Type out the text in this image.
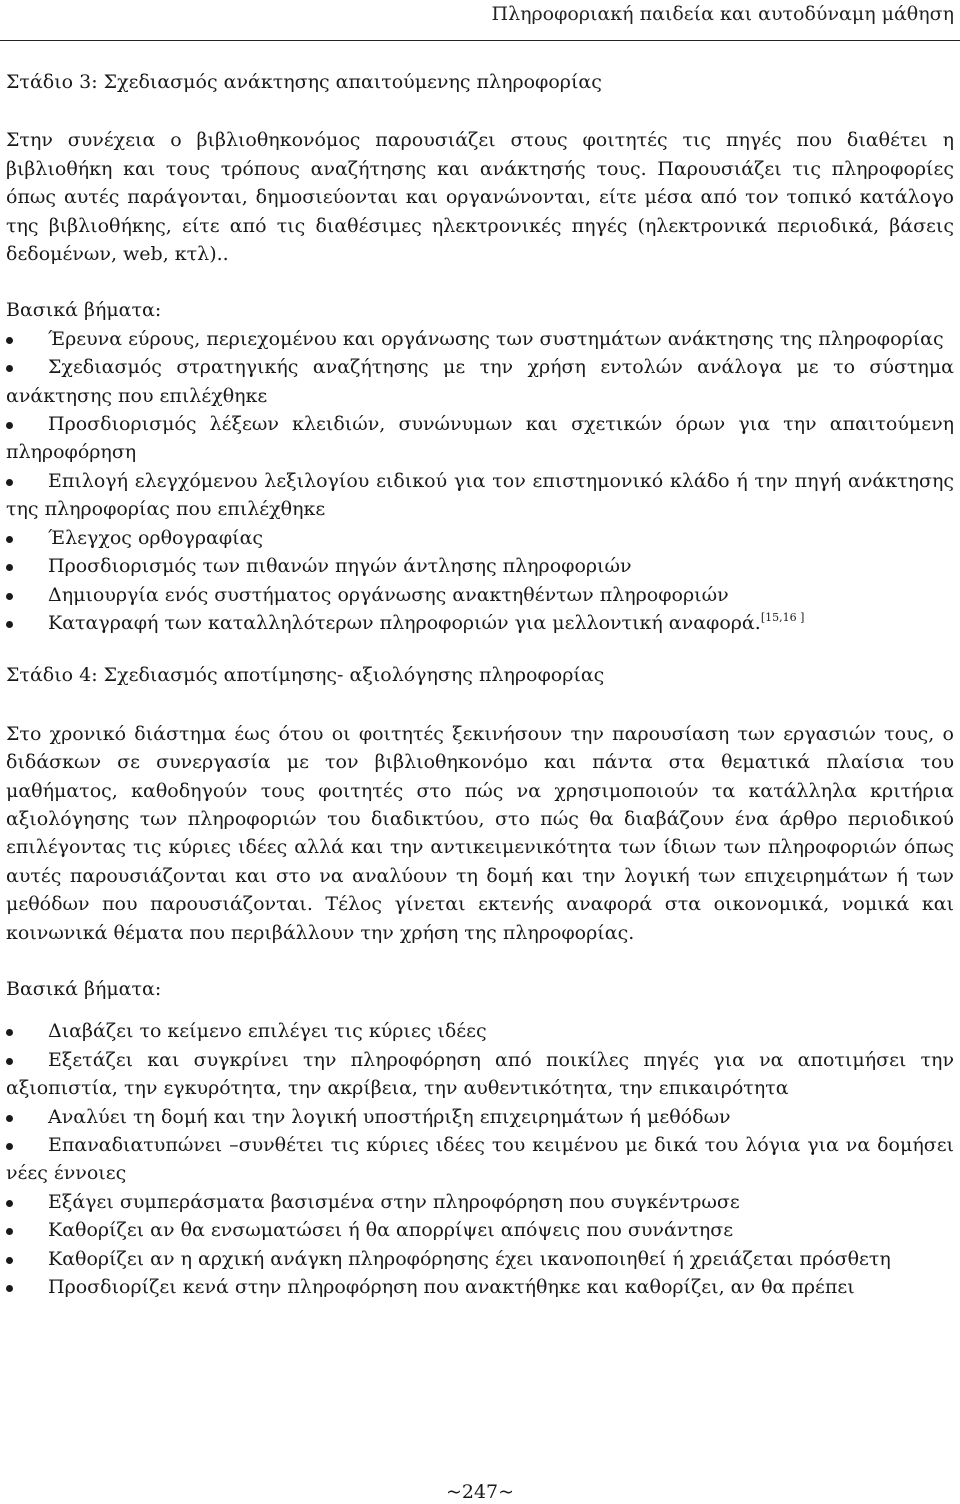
Πληροφοριακή παιδεία και αυτοδύναμη μάθηση
Στάδιο 3: Σχεδιασμός ανάκτησης απαιτούμενης πληροφορίας

Στην συνέχεια ο βιβλιοθηκονόμος παρουσιάζει στους φοιτητές τις πηγές που διαθέτει η βιβλιοθήκη και τους τρόπους αναζήτησης και ανάκτησής τους. Παρουσιάζει τις πληροφορίες όπως αυτές παράγονται, δημοσιεύονται και οργανώνονται, είτε μέσα από τον τοπικό κατάλογο της βιβλιοθήκης, είτε από τις διαθέσιμες ηλεκτρονικές πηγές (ηλεκτρονικά περιοδικά, βάσεις δεδομένων, web, κτλ)..

Βασικά βήματα:
Έρευνα εύρους, περιεχομένου και οργάνωσης των συστημάτων ανάκτησης της πληροφορίας
Σχεδιασμός στρατηγικής αναζήτησης με την χρήση εντολών ανάλογα με το σύστημα ανάκτησης που επιλέχθηκε
Προσδιορισμός λέξεων κλειδιών, συνώνυμων και σχετικών όρων για την απαιτούμενη πληροφόρηση
Επιλογή ελεγχόμενου λεξιλογίου ειδικού για τον επιστημονικό κλάδο ή την πηγή ανάκτησης της πληροφορίας που επιλέχθηκε
Έλεγχος ορθογραφίας
Προσδιορισμός των πιθανών πηγών άντλησης πληροφοριών
Δημιουργία ενός συστήματος οργάνωσης ανακτηθέντων πληροφοριών
Καταγραφή των καταλληλότερων πληροφοριών για μελλοντική αναφορά.[15,16 ]
Στάδιο 4: Σχεδιασμός αποτίμησης- αξιολόγησης πληροφορίας

Στο χρονικό διάστημα έως ότου οι φοιτητές ξεκινήσουν την παρουσίαση των εργασιών τους, ο διδάσκων σε συνεργασία με τον βιβλιοθηκονόμο και πάντα στα θεματικά πλαίσια του μαθήματος, καθοδηγούν τους φοιτητές στο πώς να χρησιμοποιούν τα κατάλληλα κριτήρια αξιολόγησης των πληροφοριών του διαδικτύου, στο πώς θα διαβάζουν ένα άρθρο περιοδικού επιλέγοντας τις κύριες ιδέες αλλά και την αντικειμενικότητα των ίδιων των πληροφοριών όπως αυτές παρουσιάζονται και στο να αναλύουν τη δομή και την λογική των επιχειρημάτων ή των μεθόδων που παρουσιάζονται. Τέλος γίνεται εκτενής αναφορά στα οικονομικά, νομικά και κοινωνικά θέματα που περιβάλλουν την χρήση της πληροφορίας.

Βασικά βήματα:
Διαβάζει το κείμενο επιλέγει τις κύριες ιδέες
Εξετάζει και συγκρίνει την πληροφόρηση από ποικίλες πηγές για να αποτιμήσει την αξιοπιστία, την εγκυρότητα, την ακρίβεια, την αυθεντικότητα, την επικαιρότητα
Αναλύει τη δομή και την λογική υποστήριξη επιχειρημάτων ή μεθόδων
Επαναδιατυπώνει –συνθέτει τις κύριες ιδέες του κειμένου με δικά του λόγια για να δομήσει νέες έννοιες
Εξάγει συμπεράσματα βασισμένα στην πληροφόρηση που συγκέντρωσε
Καθορίζει αν θα ενσωματώσει ή θα απορρίψει απόψεις που συνάντησε
Καθορίζει αν η αρχική ανάγκη πληροφόρησης έχει ικανοποιηθεί ή χρειάζεται πρόσθετη
Προσδιορίζει κενά στην πληροφόρηση που ανακτήθηκε και καθορίζει, αν θα πρέπει
~247~
